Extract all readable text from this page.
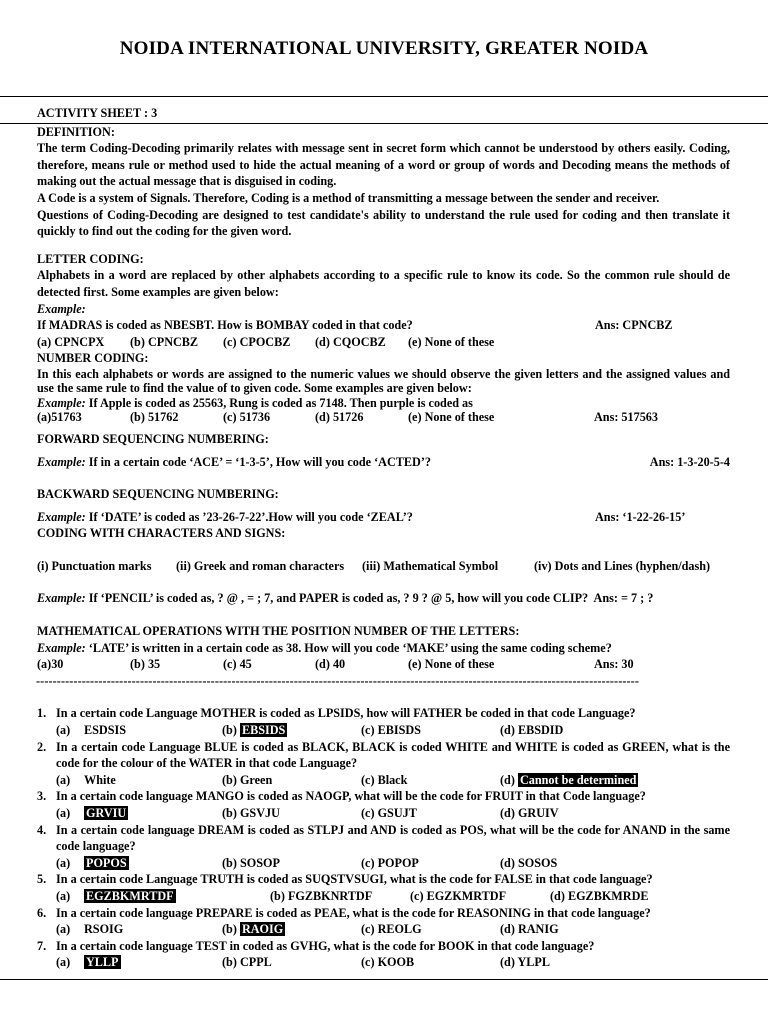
NOIDA INTERNATIONAL UNIVERSITY, GREATER NOIDA

ACTIVITY SHEET : 3

DEFINITION:

The term Coding-Decoding primarily relates with message sent in secret form which cannot be understood by others easily. Coding, therefore, means rule or method used to hide the actual meaning of a word or group of words and Decoding means the methods of making out the actual message that is disguised in coding.

A Code is a system of Signals. Therefore, Coding is a method of transmitting a message between the sender and receiver.

Questions of Coding-Decoding are designed to test candidate's ability to understand the rule used for coding and then translate it quickly to find out the coding for the given word.

LETTER CODING:

Alphabets in a word are replaced by other alphabets according to a specific rule to know its code. So the common rule should de detected first. Some examples are given below:

Example:

If MADRAS is coded as NBESBT. How is BOMBAY coded in that code?	Ans: CPNCBZ
(a) CPNCPX	(b) CPNCBZ	(c) CPOCBZ	(d) CQOCBZ	(e) None of these

NUMBER CODING:

In this each alphabets or words are assigned to the numeric values we should observe the given letters and the assigned values and use the same rule to find the value of to given code. Some examples are given below:

Example: If Apple is coded as 25563, Rung is coded as 7148. Then purple is coded as

(a)51763	(b) 51762	(c) 51736	(d) 51726	(e) None of these	Ans: 517563

FORWARD SEQUENCING NUMBERING:

Example: If in a certain code ‘ACE’ = ‘1-3-5’, How will you code ‘ACTED’?	Ans: 1-3-20-5-4

BACKWARD SEQUENCING NUMBERING:

Example: If ‘DATE’ is coded as ’23-26-7-22’.How will you code ‘ZEAL’?	Ans: ‘1-22-26-15’

CODING WITH CHARACTERS AND SIGNS:

(i) Punctuation marks	(ii) Greek and roman characters	(iii) Mathematical Symbol	(iv) Dots and Lines (hyphen/dash)

Example: If ‘PENCIL’ is coded as, ? @ , = ; 7, and PAPER is coded as, ? 9 ? @ 5, how will you code CLIP? Ans: = 7 ; ?

MATHEMATICAL OPERATIONS WITH THE POSITION NUMBER OF THE LETTERS:

Example: ‘LATE’ is written in a certain code as 38. How will you code ‘MAKE’ using the same coding scheme?

(a)30	(b) 35	(c) 45	(d) 40	(e) None of these	Ans: 30
-------------------------------------------------------------------------------------------------------------------------------------------------
1. In a certain code Language MOTHER is coded as LPSIDS, how will FATHER be coded in that code Language?
(a) ESDSIS	(b) EBSIDS	(c) EBISDS	(d) EBSDID
2. In a certain code Language BLUE is coded as BLACK, BLACK is coded WHITE and WHITE is coded as GREEN, what is the code for the colour of the WATER in that code Language?
(a) White	(b) Green	(c) Black	(d) Cannot be determined
3. In a certain code language MANGO is coded as NAOGP, what will be the code for FRUIT in that Code language?
(a) GRVIU	(b) GSVJU	(c) GSUJT	(d) GRUIV
4. In a certain code language DREAM is coded as STLPJ and AND is coded as POS, what will be the code for ANAND in the same code language?
(a) POPOS	(b) SOSOP	(c) POPOP	(d) SOSOS
5. In a certain code Language TRUTH is coded as SUQSTVSUGI, what is the code for FALSE in that code language?
(a) EGZBKMRTDF	(b) FGZBKNRTDF	(c) EGZKMRTDF	(d) EGZBKMRDE
6. In a certain code language PREPARE is coded as PEAE, what is the code for REASONING in that code language?
(a) RSOIG	(b) RAOIG	(c) REOLG	(d) RANIG
7. In a certain code language TEST in coded as GVHG, what is the code for BOOK in that code language?
(a) YLLP	(b) CPPL	(c) KOOB	(d) YLPL
